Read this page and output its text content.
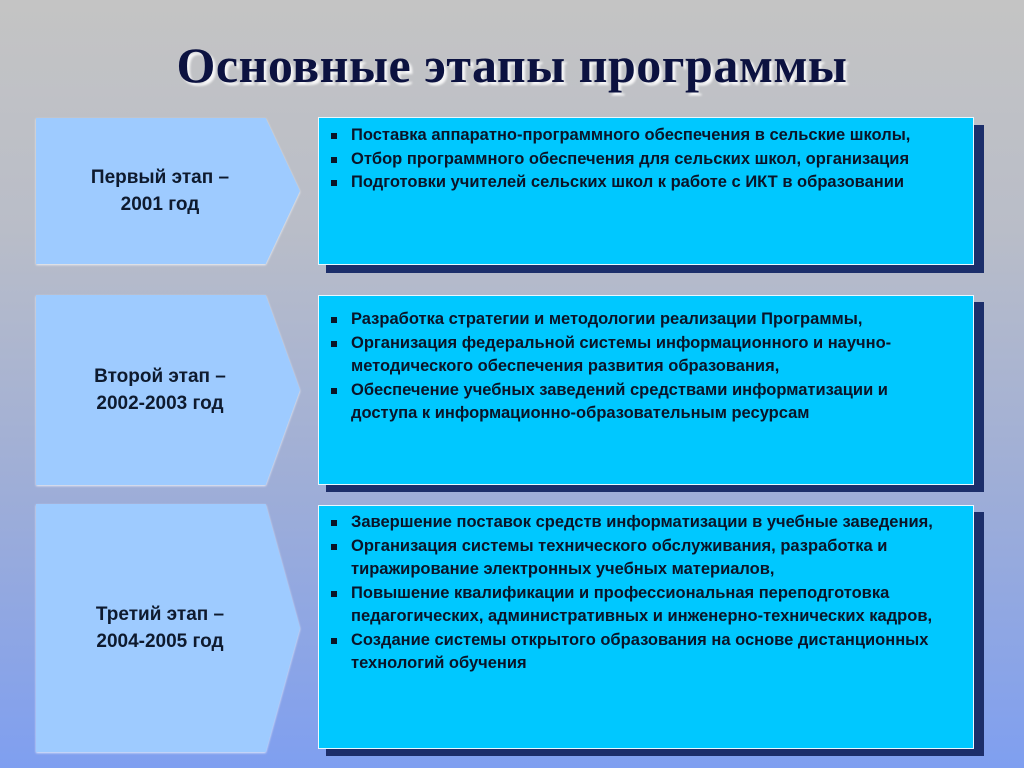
Основные этапы программы
Первый этап –
2001 год
Поставка аппаратно-программного обеспечения в сельские школы,
Отбор программного обеспечения для сельских школ, организация
Подготовки учителей сельских школ к работе с ИКТ в образовании
Второй этап –
2002-2003 год
Разработка стратегии и методологии реализации Программы,
Организация федеральной системы информационного и научно-методического обеспечения развития образования,
Обеспечение учебных заведений средствами информатизации и доступа к информационно-образовательным ресурсам
Третий этап –
2004-2005 год
Завершение поставок средств информатизации в учебные заведения,
Организация системы технического обслуживания, разработка и тиражирование электронных учебных материалов,
Повышение квалификации и профессиональная переподготовка педагогических, административных и инженерно-технических кадров,
Создание системы открытого образования на основе дистанционных технологий обучения
